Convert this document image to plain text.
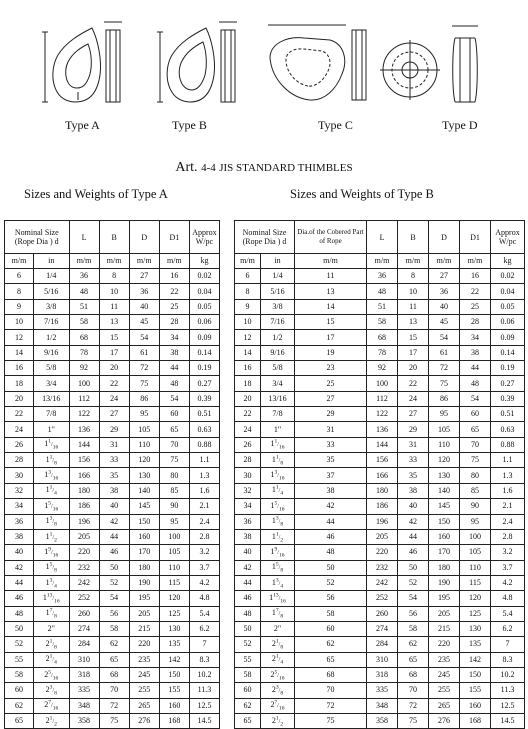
Type A	Type B	Type C	Type D
Art. 4-4 JIS STANDARD THIMBLES
Sizes and Weights of Type A	Sizes and Weights of Type B
Nominal Size (Rope Dia ) d		L	B	D	D1	Approx W/pc
m/m	in	m/m	m/m	m/m	m/m	kg
6	1/4	36	8	27	16	0.02
8	5/16	48	10	36	22	0.04
9	3/8	51	11	40	25	0.05
10	7/16	58	13	45	28	0.06
12	1/2	68	15	54	34	0.09
14	9/16	78	17	61	38	0.14
16	5/8	92	20	72	44	0.19
18	3/4	100	22	75	48	0.27
20	13/16	112	24	86	54	0.39
22	7/8	122	27	95	60	0.51
24	1"	136	29	105	65	0.63
26	$1^1/_{16}$	144	31	110	70	0.88
28	$1^1/_8$	156	33	120	75	1.1
30	$1^3/_{16}$	166	35	130	80	1.3
32	$1^1/_4$	180	38	140	85	1.6
34	$1^5/_{16}$	186	40	145	90	2.1
36	$1^3/_8$	196	42	150	95	2.4
38	$1^1/_2$	205	44	160	100	2.8
40	$1^9/_{16}$	220	46	170	105	3.2
42	$1^5/_8$	232	50	180	110	3.7
44	$1^3/_4$	242	52	190	115	4.2
46	$1^{13}/_{16}$	252	54	195	120	4.8
48	$1^7/_8$	260	56	205	125	5.4
50	2"	274	58	215	130	6.2
52	$2^1/_8$	284	62	220	135	7
55	$2^1/_4$	310	65	235	142	8.3
58	$2^5/_{16}$	318	68	245	150	10.2
60	$2^3/_8$	335	70	255	155	11.3
62	$2^7/_{16}$	348	72	265	160	12.5
65	$2^1/_2$	358	75	276	168	14.5
Nominal Size (Rope Dia ) d		Dia.of the Cobered Part of Rope	L	B	D	D1	Approx W/pc
m/m	in	m/m	m/m	m/m	m/m	m/m	kg
6	1/4	11	36	8	27	16	0.02
8	5/16	13	48	10	36	22	0.04
9	3/8	14	51	11	40	25	0.05
10	7/16	15	58	13	45	28	0.06
12	1/2	17	68	15	54	34	0.09
14	9/16	19	78	17	61	38	0.14
16	5/8	23	92	20	72	44	0.19
18	3/4	25	100	22	75	48	0.27
20	13/16	27	112	24	86	54	0.39
22	7/8	29	122	27	95	60	0.51
24	1"	31	136	29	105	65	0.63
26	$1^1/_{16}$	33	144	31	110	70	0.88
28	$1^1/_8$	35	156	33	120	75	1.1
30	$1^3/_{16}$	37	166	35	130	80	1.3
32	$1^1/_4$	38	180	38	140	85	1.6
34	$1^5/_{16}$	42	186	40	145	90	2.1
36	$1^3/_8$	44	196	42	150	95	2.4
38	$1^1/_2$	46	205	44	160	100	2.8
40	$1^9/_{16}$	48	220	46	170	105	3.2
42	$1^5/_8$	50	232	50	180	110	3.7
44	$1^3/_4$	52	242	52	190	115	4.2
46	$1^{13}/_{16}$	56	252	54	195	120	4.8
48	$1^7/_8$	58	260	56	205	125	5.4
50	2"	60	274	58	215	130	6.2
52	$2^1/_8$	62	284	62	220	135	7
55	$2^1/_4$	65	310	65	235	142	8.3
58	$2^5/_{16}$	68	318	68	245	150	10.2
60	$2^3/_8$	70	335	70	255	155	11.3
62	$2^7/_{16}$	72	348	72	265	160	12.5
65	$2^1/_2$	75	358	75	276	168	14.5
